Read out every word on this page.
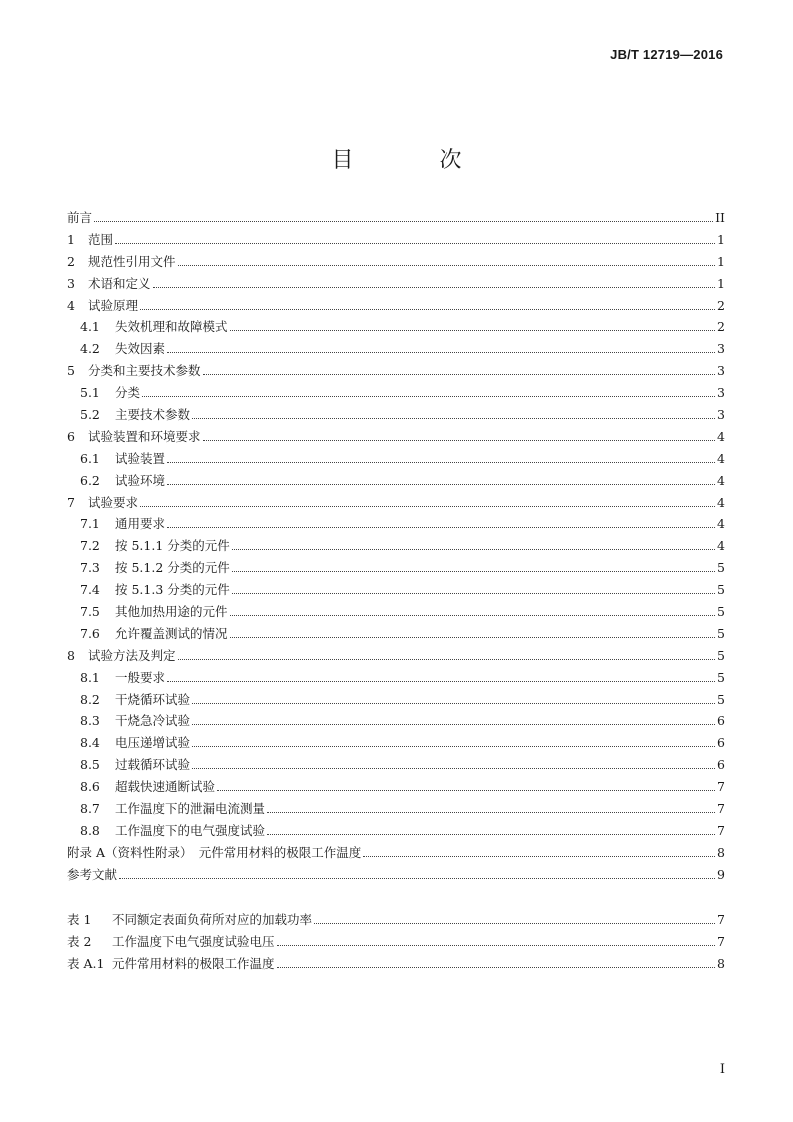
JB/T 12719—2016
目　次
前言	II
1	范围	1
2	规范性引用文件	1
3	术语和定义	1
4	试验原理	2
4.1	失效机理和故障模式	2
4.2	失效因素	3
5	分类和主要技术参数	3
5.1	分类	3
5.2	主要技术参数	3
6	试验装置和环境要求	4
6.1	试验装置	4
6.2	试验环境	4
7	试验要求	4
7.1	通用要求	4
7.2	按 5.1.1 分类的元件	4
7.3	按 5.1.2 分类的元件	5
7.4	按 5.1.3 分类的元件	5
7.5	其他加热用途的元件	5
7.6	允许覆盖测试的情况	5
8	试验方法及判定	5
8.1	一般要求	5
8.2	干烧循环试验	5
8.3	干烧急冷试验	6
8.4	电压递增试验	6
8.5	过载循环试验	6
8.6	超载快速通断试验	7
8.7	工作温度下的泄漏电流测量	7
8.8	工作温度下的电气强度试验	7
附录 A（资料性附录）　元件常用材料的极限工作温度	8
参考文献	9
表 1	不同额定表面负荷所对应的加载功率	7
表 2	工作温度下电气强度试验电压	7
表 A.1 元件常用材料的极限工作温度	8
I
